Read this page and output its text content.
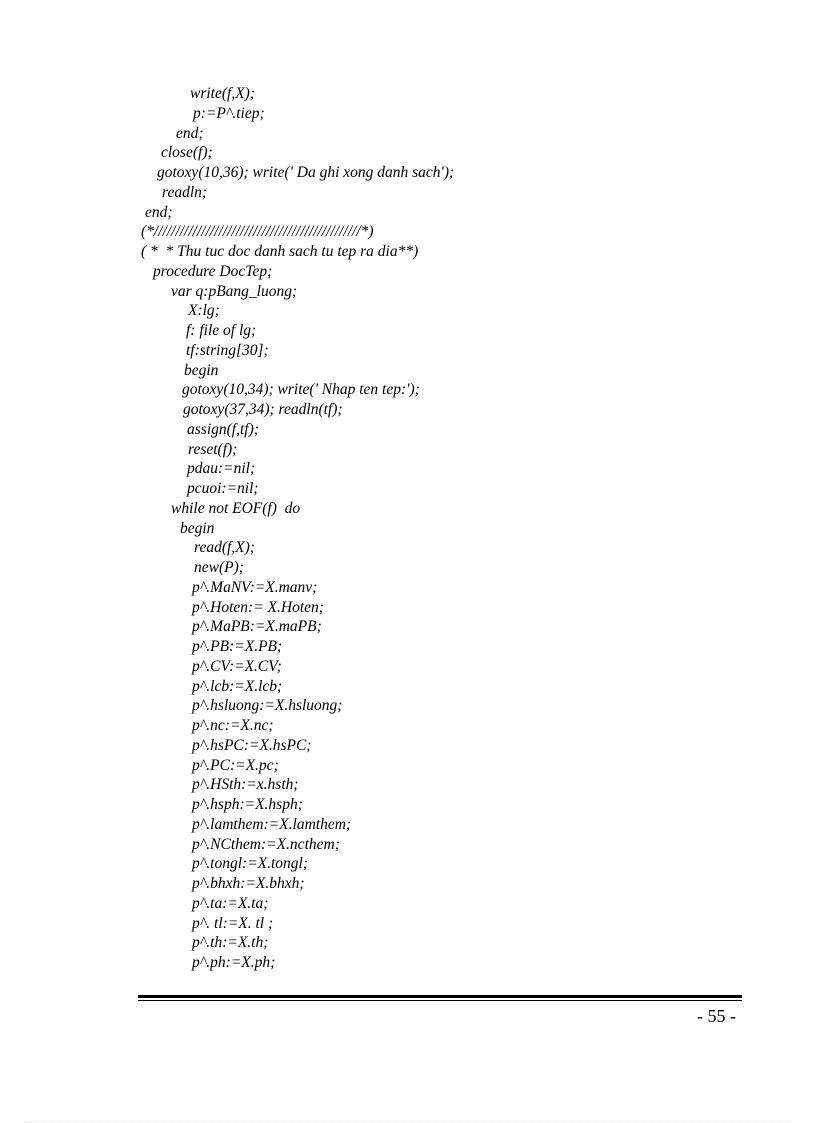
write(f,X);
p:=P^.tiep;
end;
close(f);
gotoxy(10,36); write(' Da ghi xong danh sach');
readln;
end;
(*////////////////////////////////////////////////*)
( *  * Thu tuc doc danh sach tu tep ra dia**)
procedure DocTep;
var q:pBang_luong;
X:lg;
f: file of lg;
tf:string[30];
begin
gotoxy(10,34); write(' Nhap ten tep:');
gotoxy(37,34); readln(tf);
assign(f,tf);
reset(f);
pdau:=nil;
pcuoi:=nil;
while not EOF(f)  do
begin
read(f,X);
new(P);
p^.MaNV:=X.manv;
p^.Hoten:= X.Hoten;
p^.MaPB:=X.maPB;
p^.PB:=X.PB;
p^.CV:=X.CV;
p^.lcb:=X.lcb;
p^.hsluong:=X.hsluong;
p^.nc:=X.nc;
p^.hsPC:=X.hsPC;
p^.PC:=X.pc;
p^.HSth:=x.hsth;
p^.hsph:=X.hsph;
p^.lamthem:=X.lamthem;
p^.NCthem:=X.ncthem;
p^.tongl:=X.tongl;
p^.bhxh:=X.bhxh;
p^.ta:=X.ta;
p^. tl:=X. tl ;
p^.th:=X.th;
p^.ph:=X.ph;
- 55 -
